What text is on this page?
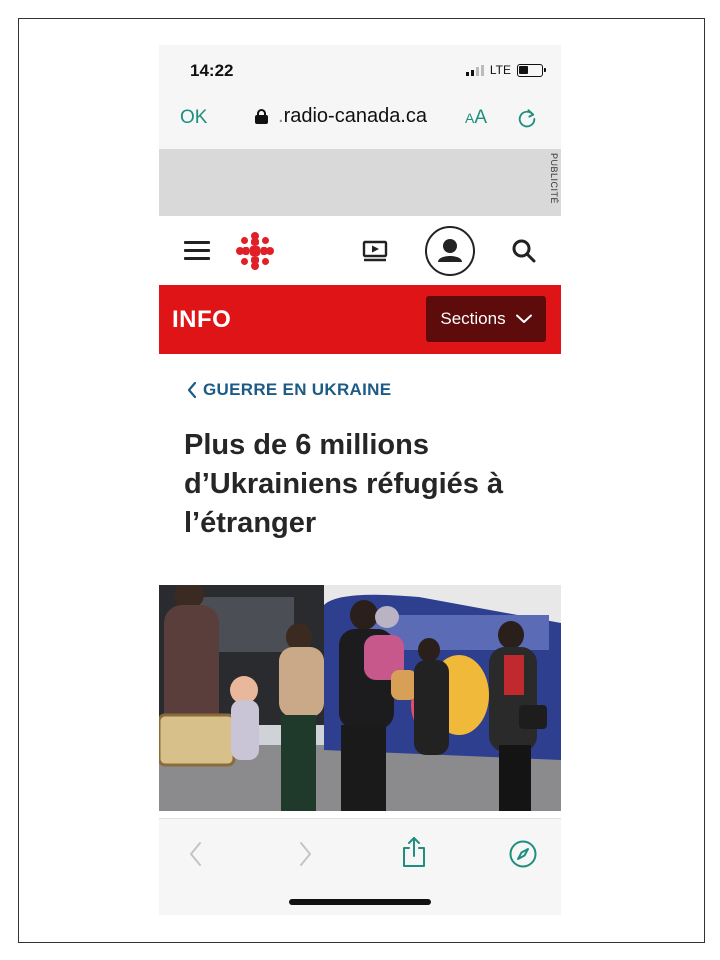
14:22	LTE
OK	.radio-canada.ca	AA
PUBLICITÉ
INFO	Sections
GUERRE EN UKRAINE
Plus de 6 millions d’Ukrainiens réfugiés à l’étranger
